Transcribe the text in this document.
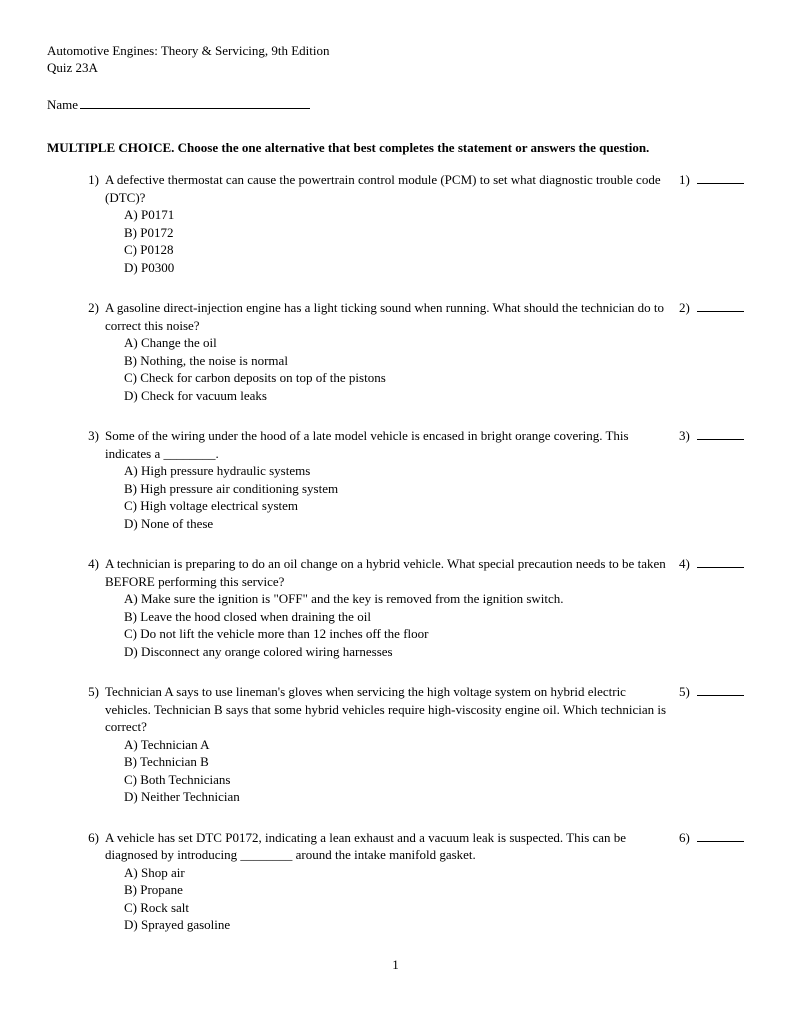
Automotive Engines: Theory & Servicing, 9th Edition
Quiz 23A
Name
MULTIPLE CHOICE. Choose the one alternative that best completes the statement or answers the question.
1) A defective thermostat can cause the powertrain control module (PCM) to set what diagnostic trouble code (DTC)?
A) P0171
B) P0172
C) P0128
D) P0300
1)
2) A gasoline direct-injection engine has a light ticking sound when running. What should the technician do to correct this noise?
A) Change the oil
B) Nothing, the noise is normal
C) Check for carbon deposits on top of the pistons
D) Check for vacuum leaks
2)
3) Some of the wiring under the hood of a late model vehicle is encased in bright orange covering. This indicates a ________.
A) High pressure hydraulic systems
B) High pressure air conditioning system
C) High voltage electrical system
D) None of these
3)
4) A technician is preparing to do an oil change on a hybrid vehicle. What special precaution needs to be taken BEFORE performing this service?
A) Make sure the ignition is "OFF" and the key is removed from the ignition switch.
B) Leave the hood closed when draining the oil
C) Do not lift the vehicle more than 12 inches off the floor
D) Disconnect any orange colored wiring harnesses
4)
5) Technician A says to use lineman's gloves when servicing the high voltage system on hybrid electric vehicles. Technician B says that some hybrid vehicles require high-viscosity engine oil. Which technician is correct?
A) Technician A
B) Technician B
C) Both Technicians
D) Neither Technician
5)
6) A vehicle has set DTC P0172, indicating a lean exhaust and a vacuum leak is suspected. This can be diagnosed by introducing ________ around the intake manifold gasket.
A) Shop air
B) Propane
C) Rock salt
D) Sprayed gasoline
6)
1
